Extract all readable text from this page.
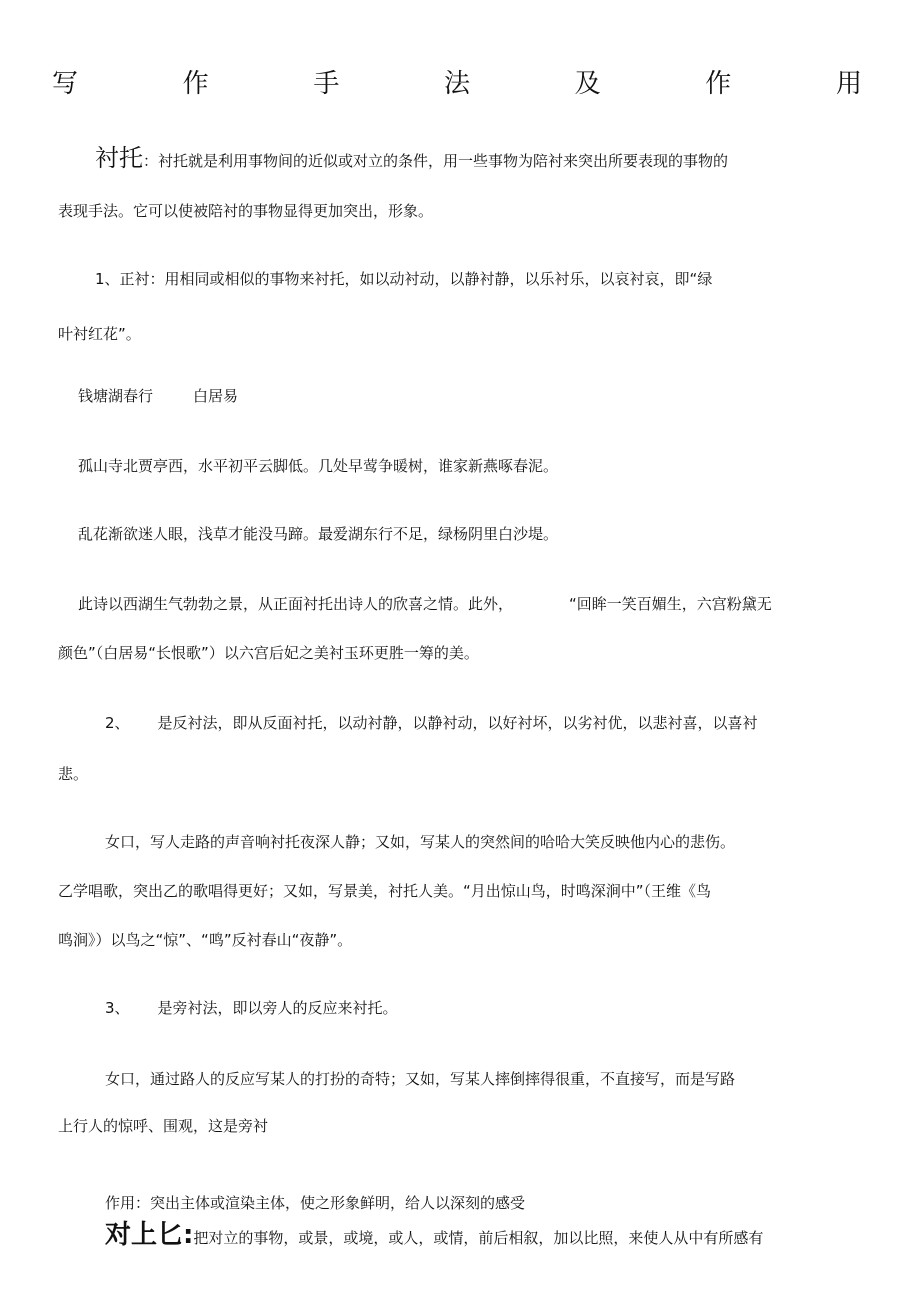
写	作	手	法	及	作	用
衬托：衬托就是利用事物间的近似或对立的条件，用一些事物为陪衬来突出所要表现的事物的
表现手法。它可以使被陪衬的事物显得更加突出，形象。
1、正衬：用相同或相似的事物来衬托，如以动衬动，以静衬静，以乐衬乐，以哀衬哀，即“绿
叶衬红花”。
钱塘湖春行	白居易
孤山寺北贾亭西，水平初平云脚低。几处早莺争暖树，谁家新燕啄春泥。
乱花渐欲迷人眼，浅草才能没马蹄。最爱湖东行不足，绿杨阴里白沙堤。
此诗以西湖生气勃勃之景，从正面衬托出诗人的欣喜之情。此外，	“回眸一笑百媚生，六宫粉黛无
颜色”（白居易“长恨歌”）以六宫后妃之美衬玉环更胜一筹的美。
2、 是反衬法，即从反面衬托，以动衬静，以静衬动，以好衬坏，以劣衬优，以悲衬喜，以喜衬
悲。
女口，写人走路的声音响衬托夜深人静；又如，写某人的突然间的哈哈大笑反映他内心的悲伤。
乙学唱歌，突出乙的歌唱得更好；又如，写景美，衬托人美。“月出惊山鸟，时鸣深涧中”（王维《鸟
鸣涧》）以鸟之“惊”、“鸣”反衬春山“夜静”。
3、 是旁衬法，即以旁人的反应来衬托。
女口，通过路人的反应写某人的打扮的奇特；又如，写某人摔倒摔得很重，不直接写，而是写路
上行人的惊呼、围观，这是旁衬
作用：突出主体或渲染主体，使之形象鲜明，给人以深刻的感受
对上匕:把对立的事物，或景，或境，或人，或情，前后相叙，加以比照，来使人从中有所感有
